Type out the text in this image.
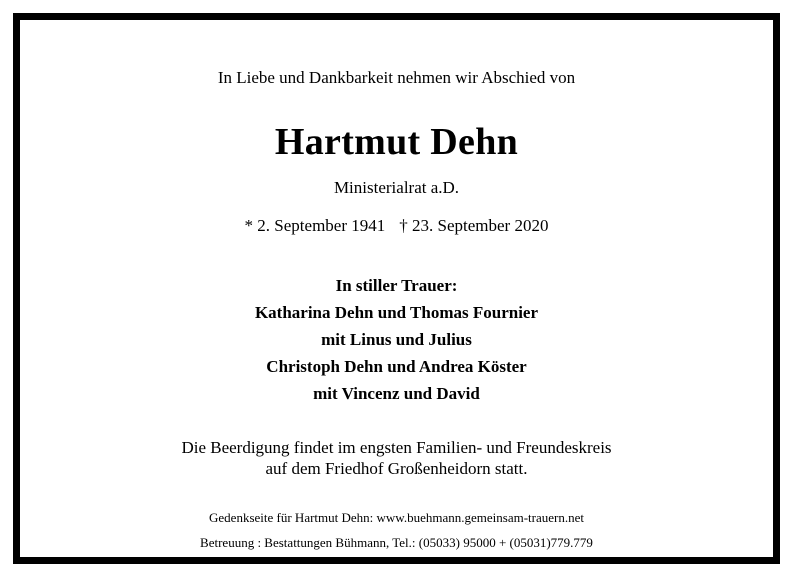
In Liebe und Dankbarkeit nehmen wir Abschied von
Hartmut Dehn
Ministerialrat a.D.
* 2. September 1941 † 23. September 2020
In stiller Trauer:
Katharina Dehn und Thomas Fournier
mit Linus und Julius
Christoph Dehn und Andrea Köster
mit Vincenz und David
Die Beerdigung findet im engsten Familien- und Freundeskreis
auf dem Friedhof Großenheidorn statt.
Gedenkseite für Hartmut Dehn: www.buehmann.gemeinsam-trauern.net
Betreuung : Bestattungen Bühmann, Tel.: (05033) 95000 + (05031)779.779
